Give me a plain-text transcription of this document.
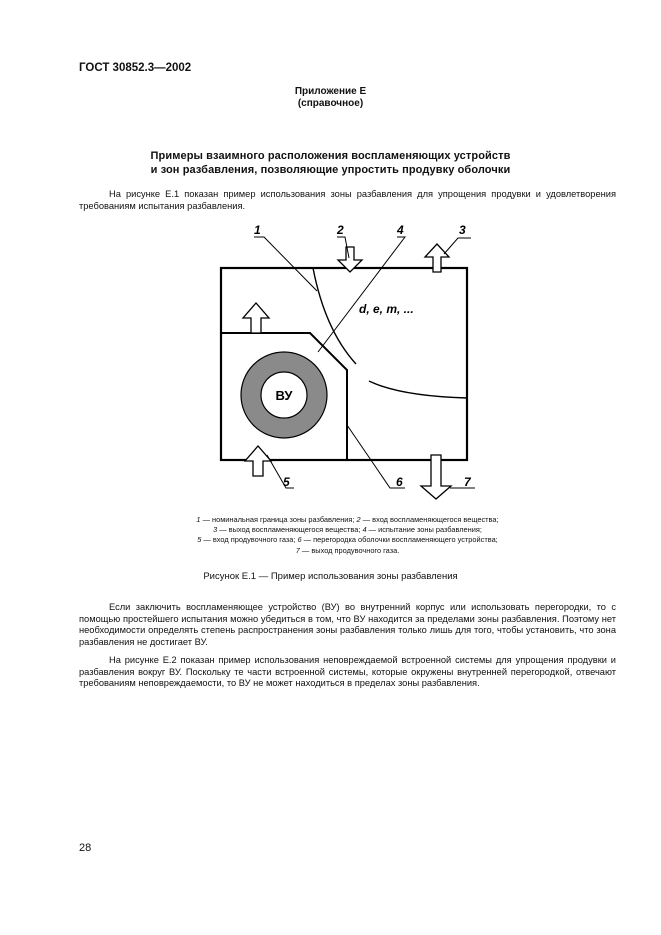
ГОСТ 30852.3—2002
Приложение Е
(справочное)
Примеры взаимного расположения воспламеняющих устройств
и зон разбавления, позволяющие упростить продувку оболочки
На рисунке Е.1 показан пример использования зоны разбавления для упрощения продувки и удовлетворения требованиям испытания разбавления.
ВУ
d, e, m, ...
1	2	3
4
5	6	7
1 — номинальная граница зоны разбавления; 2 — вход воспламеняющегося вещества;
3 — выход воспламеняющегося вещества; 4 — испытание зоны разбавления;
5 — вход продувочного газа; 6 — перегородка оболочки воспламеняющего устройства;
7 — выход продувочного газа.
Рисунок Е.1 — Пример использования зоны разбавления
Если заключить воспламеняющее устройство (ВУ) во внутренний корпус или использовать перегородки, то с помощью простейшего испытания можно убедиться в том, что ВУ находится за пределами зоны разбавления. Поэтому нет необходимости определять степень распространения зоны разбавления только лишь для того, чтобы установить, что зона разбавления не достигает ВУ.
На рисунке Е.2 показан пример использования неповреждаемой встроенной системы для упрощения продувки и разбавления вокруг ВУ. Поскольку те части встроенной системы, которые окружены внутренней перегородкой, отвечают требованиям неповреждаемости, то ВУ не может находиться в пределах зоны разбавления.
28
